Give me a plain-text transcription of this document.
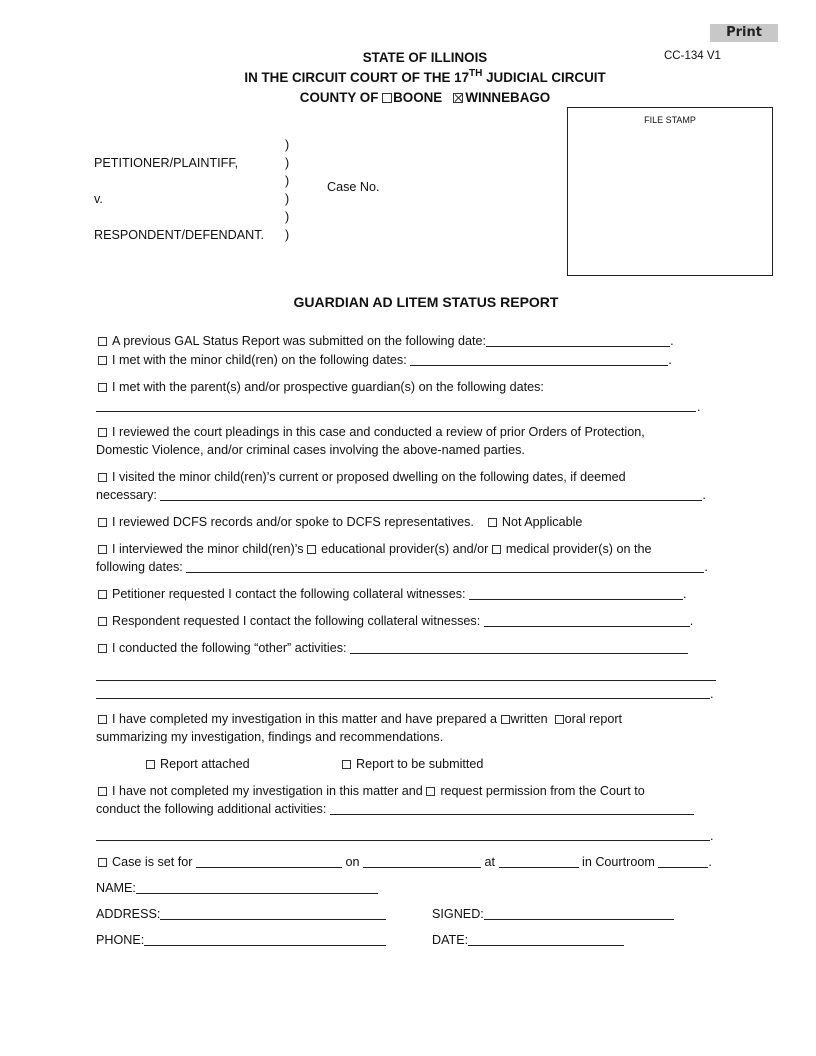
Print
CC-134 V1
STATE OF ILLINOIS
IN THE CIRCUIT COURT OF THE 17TH JUDICIAL CIRCUIT
COUNTY OF BOONE WINNEBAGO
FILE STAMP
)
PETITIONER/PLAINTIFF,	)
)	Case No.
v.	)
)
RESPONDENT/DEFENDANT. )
GUARDIAN AD LITEM STATUS REPORT
A previous GAL Status Report was submitted on the following date:	.
I met with the minor child(ren) on the following dates:	.
I met with the parent(s) and/or prospective guardian(s) on the following dates:
.
I reviewed the court pleadings in this case and conducted a review of prior Orders of Protection,
Domestic Violence, and/or criminal cases involving the above-named parties.
I visited the minor child(ren)’s current or proposed dwelling on the following dates, if deemed
necessary:	.
I reviewed DCFS records and/or spoke to DCFS representatives. Not Applicable
I interviewed the minor child(ren)’s educational provider(s) and/or medical provider(s) on the
following dates:	.
Petitioner requested I contact the following collateral witnesses:	.
Respondent requested I contact the following collateral witnesses:	.
I conducted the following “other” activities:
.
I have completed my investigation in this matter and have prepared a written oral report
summarizing my investigation, findings and recommendations.
Report attached	Report to be submitted
I have not completed my investigation in this matter and request permission from the Court to
conduct the following additional activities:
.
Case is set for	on	at	in Courtroom	.
NAME:
ADDRESS:	SIGNED:
PHONE:	DATE:
